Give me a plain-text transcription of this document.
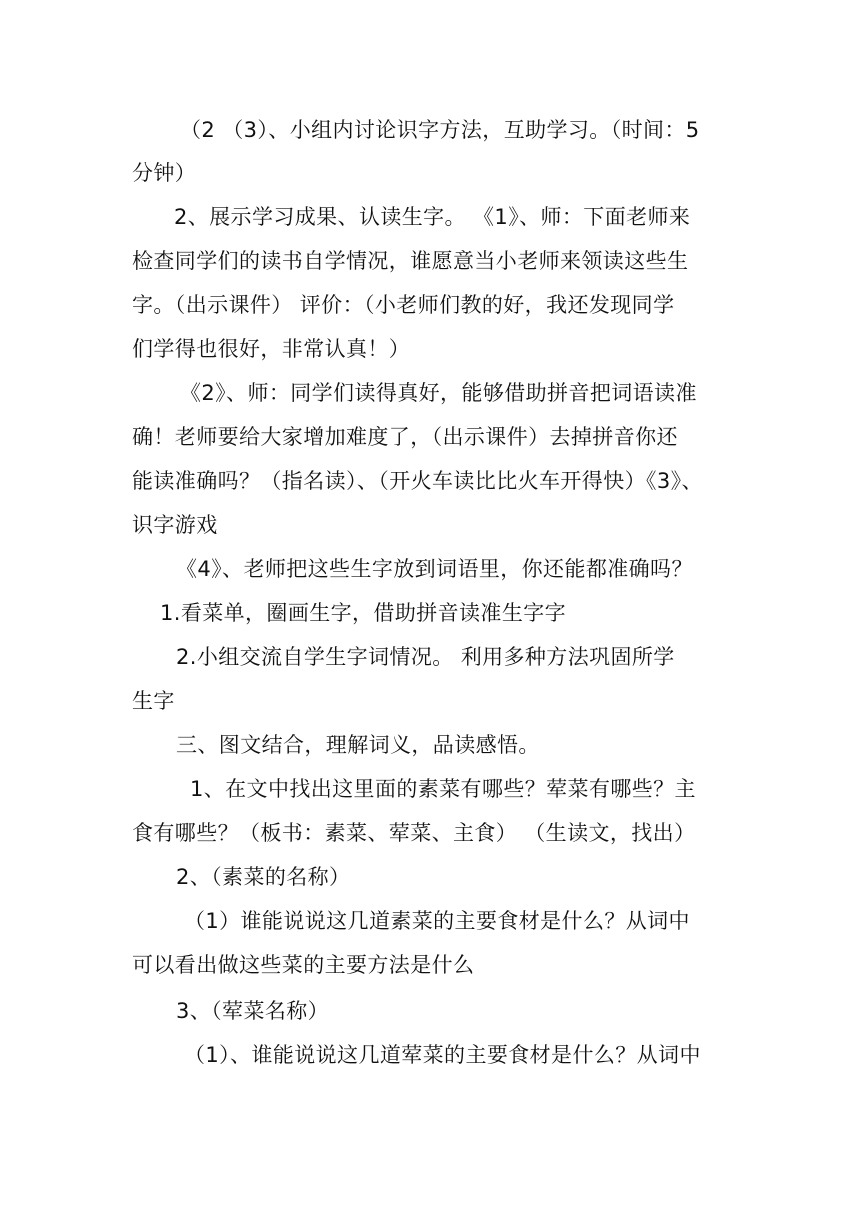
（2 （3）、小组内讨论识字方法，互助学习。（时间：5
分钟）
2、展示学习成果、认读生字。 《1》、师：下面老师来
检查同学们的读书自学情况，谁愿意当小老师来领读这些生
字。（出示课件） 评价：（小老师们教的好，我还发现同学
们学得也很好，非常认真！）
《2》、师：同学们读得真好，能够借助拼音把词语读准
确！老师要给大家增加难度了，（出示课件）去掉拼音你还
能读准确吗？（指名读）、（开火车读比比火车开得快）《3》、
识字游戏
《4》、老师把这些生字放到词语里，你还能都准确吗？
1.看菜单，圈画生字，借助拼音读准生字字
2.小组交流自学生字词情况。 利用多种方法巩固所学
生字
三、图文结合，理解词义，品读感悟。
1、在文中找出这里面的素菜有哪些？荤菜有哪些？主
食有哪些？（板书：素菜、荤菜、主食） （生读文，找出）
2、（素菜的名称）
（1）谁能说说这几道素菜的主要食材是什么？从词中
可以看出做这些菜的主要方法是什么
3、（荤菜名称）
（1）、谁能说说这几道荤菜的主要食材是什么？从词中
